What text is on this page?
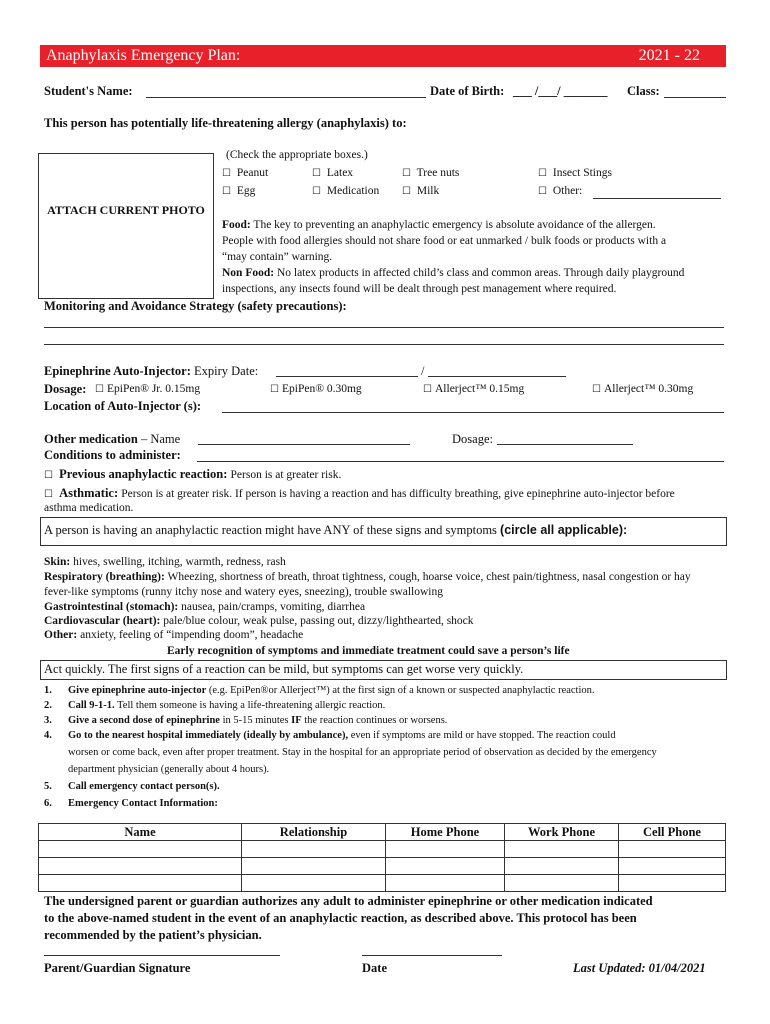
Anaphylaxis Emergency Plan:	2021 - 22
Student's Name:	Date of Birth: ___ /___/ _______ Class:
This person has potentially life-threatening allergy (anaphylaxis) to:
ATTACH CURRENT PHOTO
(Check the appropriate boxes.)
☐ Peanut	☐ Latex	☐ Tree nuts	☐ Insect Stings
☐ Egg	☐ Medication ☐ Milk	☐ Other:
Food: The key to preventing an anaphylactic emergency is absolute avoidance of the allergen.
People with food allergies should not share food or eat unmarked / bulk foods or products with a
“may contain” warning.
Non Food: No latex products in affected child’s class and common areas. Through daily playground
inspections, any insects found will be dealt through pest management where required.
Monitoring and Avoidance Strategy (safety precautions):
Epinephrine Auto-Injector: Expiry Date:	/
Dosage: ☐ EpiPen® Jr. 0.15mg	☐ EpiPen® 0.30mg	☐ Allerject™ 0.15mg	☐ Allerject™ 0.30mg
Location of Auto-Injector (s):
Other medication – Name	Dosage:
Conditions to administer:
☐ Previous anaphylactic reaction: Person is at greater risk.
☐ Asthmatic: Person is at greater risk. If person is having a reaction and has difficulty breathing, give epinephrine auto-injector before
asthma medication.
A person is having an anaphylactic reaction might have ANY of these signs and symptoms (circle all applicable):
Skin: hives, swelling, itching, warmth, redness, rash
Respiratory (breathing): Wheezing, shortness of breath, throat tightness, cough, hoarse voice, chest pain/tightness, nasal congestion or hay
fever-like symptoms (runny itchy nose and watery eyes, sneezing), trouble swallowing
Gastrointestinal (stomach): nausea, pain/cramps, vomiting, diarrhea
Cardiovascular (heart): pale/blue colour, weak pulse, passing out, dizzy/lighthearted, shock
Other: anxiety, feeling of “impending doom”, headache
Early recognition of symptoms and immediate treatment could save a person’s life
Act quickly. The first signs of a reaction can be mild, but symptoms can get worse very quickly.
1. Give epinephrine auto-injector (e.g. EpiPen®or Allerject™) at the first sign of a known or suspected anaphylactic reaction.
2. Call 9-1-1. Tell them someone is having a life-threatening allergic reaction.
3. Give a second dose of epinephrine in 5-15 minutes IF the reaction continues or worsens.
4. Go to the nearest hospital immediately (ideally by ambulance), even if symptoms are mild or have stopped. The reaction could
worsen or come back, even after proper treatment. Stay in the hospital for an appropriate period of observation as decided by the emergency
department physician (generally about 4 hours).
5. Call emergency contact person(s).
6. Emergency Contact Information:
Name	Relationship	Home Phone	Work Phone	Cell Phone

The undersigned parent or guardian authorizes any adult to administer epinephrine or other medication indicated
to the above-named student in the event of an anaphylactic reaction, as described above. This protocol has been
recommended by the patient’s physician.
Parent/Guardian Signature	Date	Last Updated: 01/04/2021
